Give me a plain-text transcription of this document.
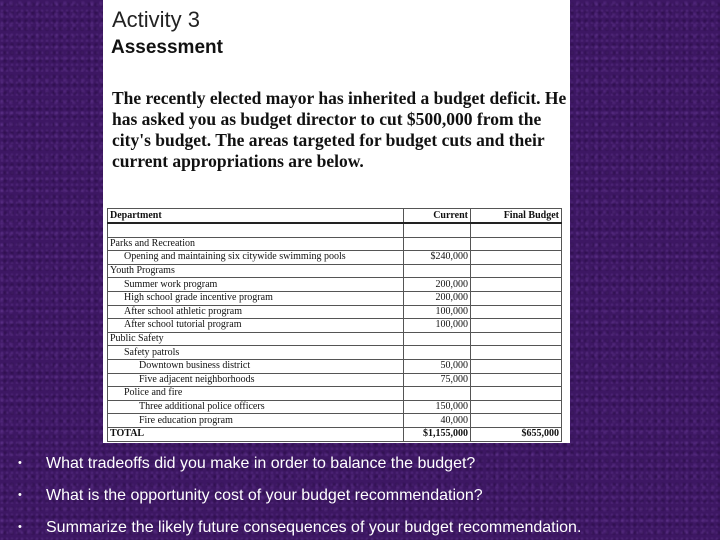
Activity 3
Assessment
The recently elected mayor has inherited a budget deficit. He has asked you as budget director to cut $500,000 from the city's budget. The areas targeted for budget cuts and their current appropriations are below.
Department	Current	Final Budget

Parks and Recreation		
Opening and maintaining six citywide swimming pools	$240,000	
Youth Programs		
Summer work program	200,000	
High school grade incentive program	200,000	
After school athletic program	100,000	
After school tutorial program	100,000	
Public Safety		
Safety patrols		
Downtown business district	50,000	
Five adjacent neighborhoods	75,000	
Police and fire		
Three additional police officers	150,000	
Fire education program	40,000	
TOTAL	$1,155,000	$655,000
• What tradeoffs did you make in order to balance the budget?
• What is the opportunity cost of your budget recommendation?
• Summarize the likely future consequences of your budget recommendation.
